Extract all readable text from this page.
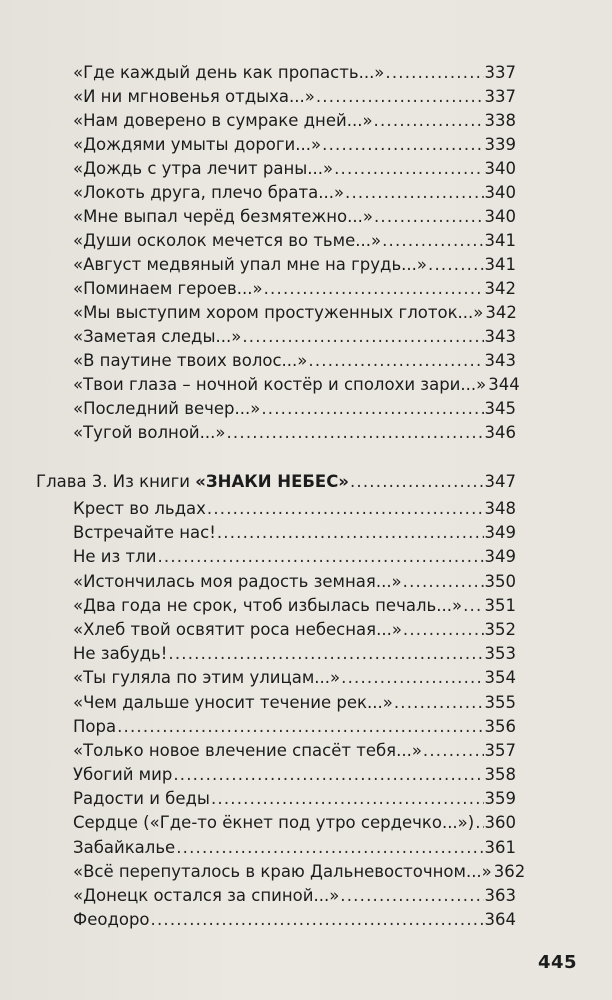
«Где каждый день как пропасть...» .....	337
«И ни мгновенья отдыха...» .....	337
«Нам доверено в сумраке дней...» .....	338
«Дождями умыты дороги...» .....	339
«Дождь с утра лечит раны...» .....	340
«Локоть друга, плечо брата...» .....	340
«Мне выпал черёд безмятежно...» .....	340
«Души осколок мечется во тьме...» .....	341
«Август медвяный упал мне на грудь...» .....	341
«Поминаем героев...» .....	342
«Мы выступим хором простуженных глоток...» 342
«Заметая следы...» .....	343
«В паутине твоих волос...» .....	343
«Твои глаза – ночной костёр и сполохи зари...» 344
«Последний вечер...» .....	345
«Тугой волной...» .....	346
Глава 3. Из книги «ЗНАКИ НЕБЕС» .....	347
Крест во льдах .....	348
Встречайте нас! .....	349
Не из тли .....	349
«Истончилась моя радость земная...» .....	350
«Два года не срок, чтоб избылась печаль...» ..... 351
«Хлеб твой освятит роса небесная...» .....	352
Не забудь! .....	353
«Ты гуляла по этим улицам...» .....	354
«Чем дальше уносит течение рек...» .....	355
Пора .....	356
«Только новое влечение спасёт тебя...» .....	357
Убогий мир .....	358
Радости и беды .....	359
Сердце («Где-то ёкнет под утро сердечко...») ..... 360
Забайкалье .....	361
«Всё перепуталось в краю Дальневосточном...» 362
«Донецк остался за спиной...» .....	363
Феодоро .....	364
445
